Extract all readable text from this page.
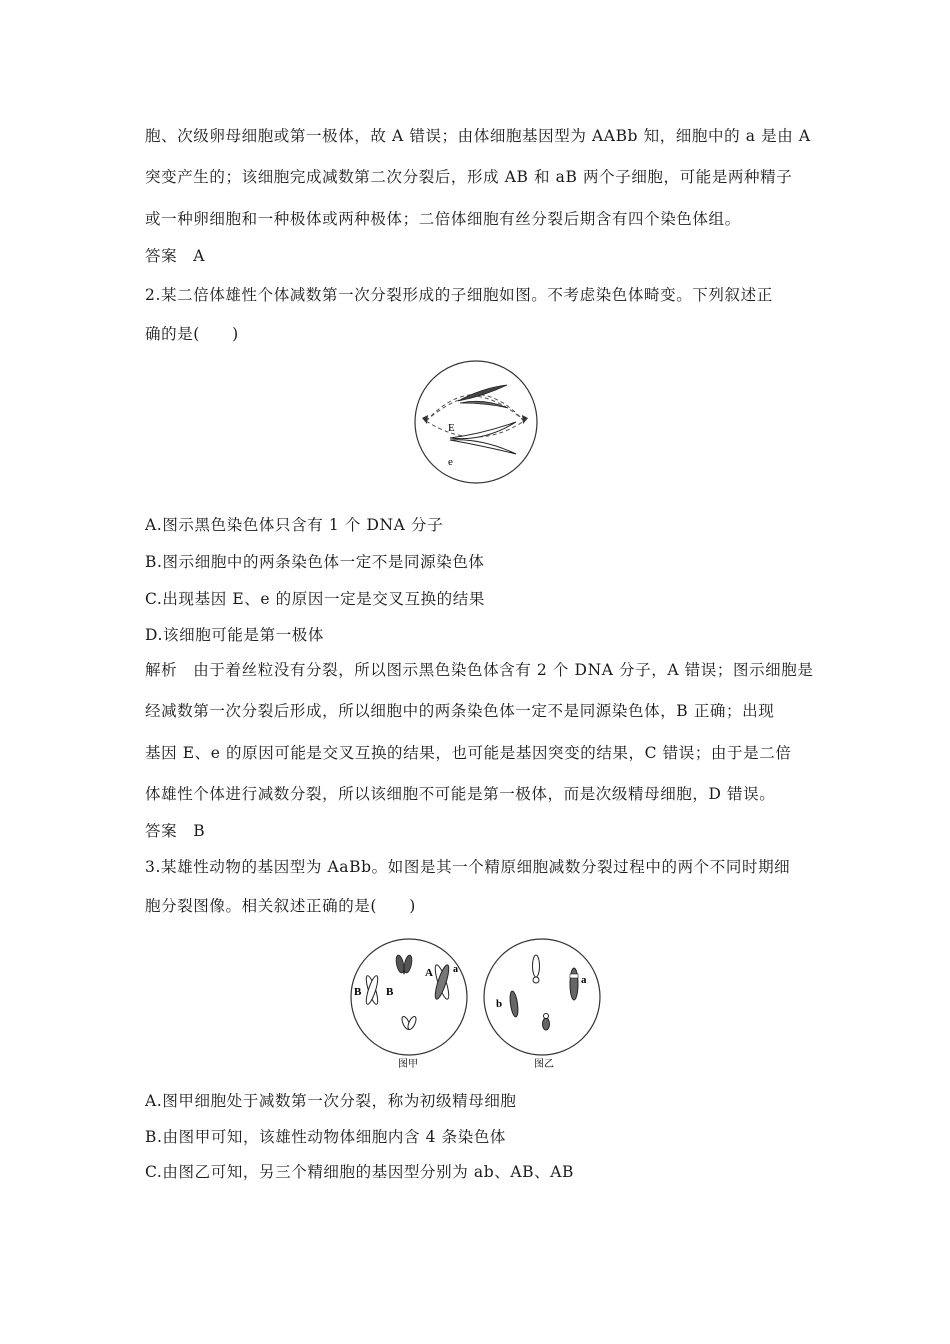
胞、次级卵母细胞或第一极体，故 A 错误；由体细胞基因型为 AABb 知，细胞中的 a 是由 A
突变产生的；该细胞完成减数第二次分裂后，形成 AB 和 aB 两个子细胞，可能是两种精子
或一种卵细胞和一种极体或两种极体；二倍体细胞有丝分裂后期含有四个染色体组。
答案　A
2.某二倍体雄性个体减数第一次分裂形成的子细胞如图。不考虑染色体畸变。下列叙述正
确的是(　　)
E
e
A.图示黑色染色体只含有 1 个 DNA 分子
B.图示细胞中的两条染色体一定不是同源染色体
C.出现基因 E、e 的原因一定是交叉互换的结果
D.该细胞可能是第一极体
解析　由于着丝粒没有分裂，所以图示黑色染色体含有 2 个 DNA 分子，A 错误；图示细胞是
经减数第一次分裂后形成，所以细胞中的两条染色体一定不是同源染色体，B 正确；出现
基因 E、e 的原因可能是交叉互换的结果，也可能是基因突变的结果，C 错误；由于是二倍
体雄性个体进行减数分裂，所以该细胞不可能是第一极体，而是次级精母细胞，D 错误。
答案　B
3.某雄性动物的基因型为 AaBb。如图是其一个精原细胞减数分裂过程中的两个不同时期细
胞分裂图像。相关叙述正确的是(　　)
B B
A a
图甲
b
a
图乙
A.图甲细胞处于减数第一次分裂，称为初级精母细胞
B.由图甲可知，该雄性动物体细胞内含 4 条染色体
C.由图乙可知，另三个精细胞的基因型分别为 ab、AB、AB
